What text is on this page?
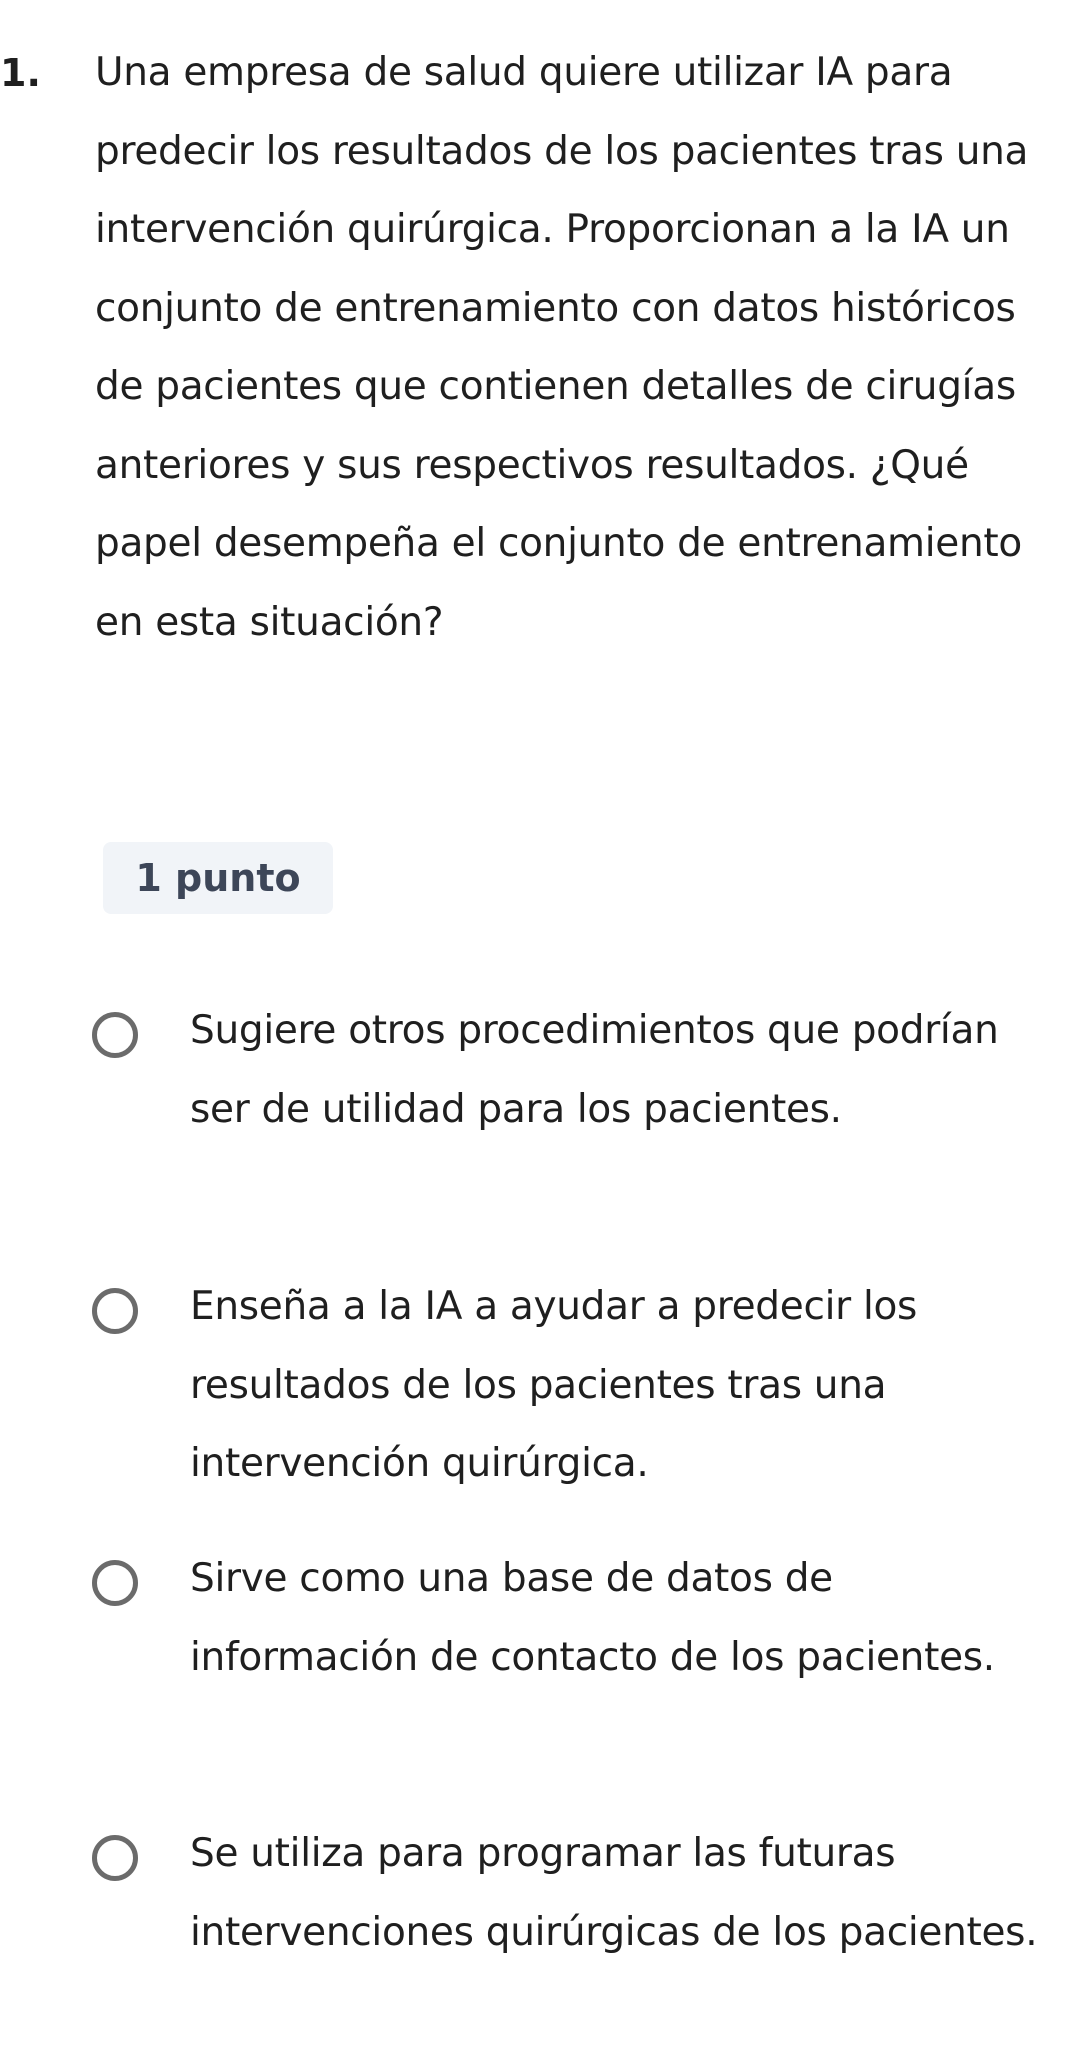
1. Una empresa de salud quiere utilizar IA para predecir los resultados de los pacientes tras una intervención quirúrgica. Proporcionan a la IA un conjunto de entrenamiento con datos históricos de pacientes que contienen detalles de cirugías anteriores y sus respectivos resultados. ¿Qué papel desempeña el conjunto de entrenamiento en esta situación?

1 punto

Sugiere otros procedimientos que podrían ser de utilidad para los pacientes.

Enseña a la IA a ayudar a predecir los resultados de los pacientes tras una intervención quirúrgica.

Sirve como una base de datos de información de contacto de los pacientes.

Se utiliza para programar las futuras intervenciones quirúrgicas de los pacientes.
